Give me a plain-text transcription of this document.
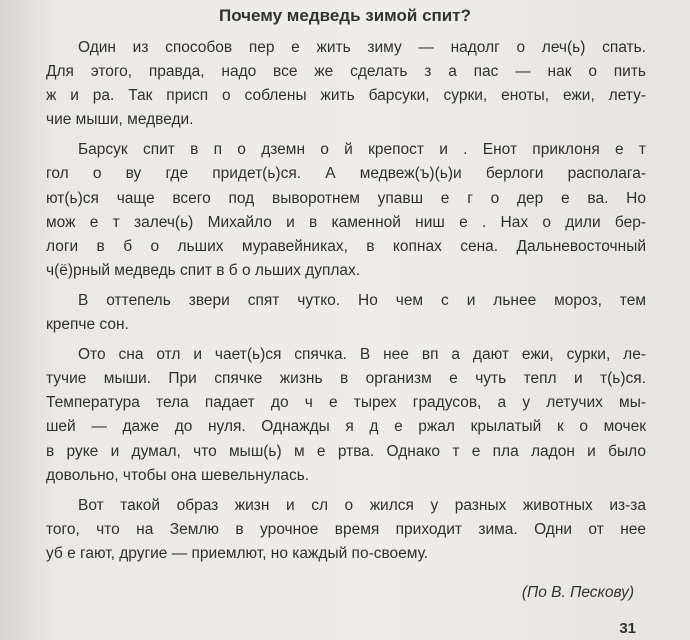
Почему медведь зимой спит?
Один из способов пер е жить зиму — надолг о леч(ь) спать.
Для этого, правда, надо все же сделать з а пас — нак о пить
ж и ра. Так присп о соблены жить барсуки, сурки, еноты, ежи, лету-
чие мыши, медведи.
Барсук спит в п о дземн о й крепост и . Енот приклоня е т
гол о ву где придет(ь)ся. А медвеж(ъ)(ь)и берлоги располага-
ют(ь)ся чаще всего под выворотнем упавш е г о дер е ва. Но
мож е т залеч(ь) Михайло и в каменной ниш е . Нах о дили бер-
логи в б о льших муравейниках, в копнах сена. Дальневосточный
ч(ё)рный медведь спит в б о льших дуплах.
В оттепель звери спят чутко. Но чем с и льнее мороз, тем
крепче сон.
Ото сна отл и чает(ь)ся спячка. В нее вп а дают ежи, сурки, ле-
тучие мыши. При спячке жизнь в организм е чуть тепл и т(ь)ся.
Температура тела падает до ч е тырех градусов, а у летучих мы-
шей — даже до нуля. Однажды я д е ржал крылатый к о мочек
в руке и думал, что мыш(ь) м е ртва. Однако т е пла ладон и было
довольно, чтобы она шевельнулась.
Вот такой образ жизн и сл о жился у разных животных из-за
того, что на Землю в урочное время приходит зима. Одни от нее
уб е гают, другие — приемлют, но каждый по-своему.
(По В. Пескову)
31
